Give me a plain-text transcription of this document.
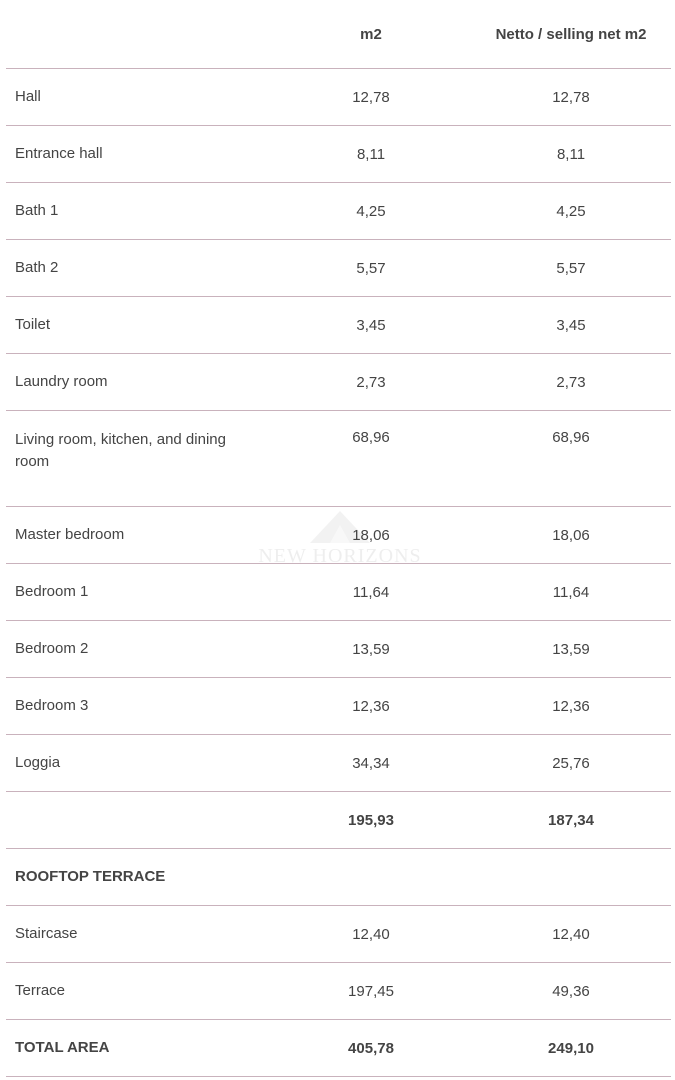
NEW HORIZONS
	m2	Netto / selling net m2
Hall	12,78	12,78
Entrance hall	8,11	8,11
Bath 1	4,25	4,25
Bath 2	5,57	5,57
Toilet	3,45	3,45
Laundry room	2,73	2,73
Living room, kitchen, and dining room	68,96	68,96
Master bedroom	18,06	18,06
Bedroom 1	11,64	11,64
Bedroom 2	13,59	13,59
Bedroom 3	12,36	12,36
Loggia	34,34	25,76
	195,93	187,34
ROOFTOP TERRACE		
Staircase	12,40	12,40
Terrace	197,45	49,36
TOTAL AREA	405,78	249,10
